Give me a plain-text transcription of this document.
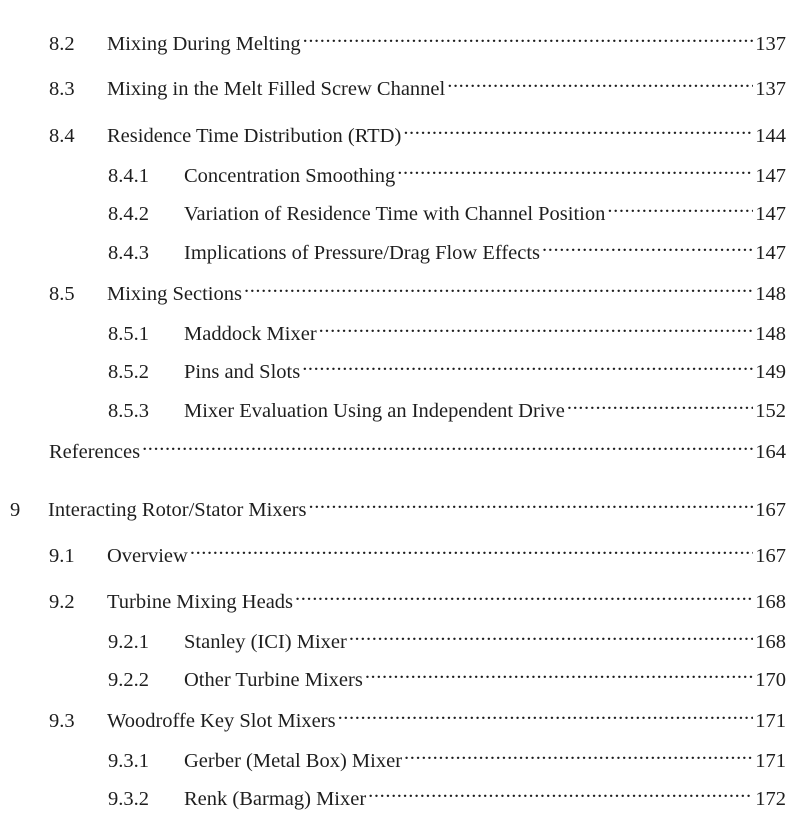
8.2	Mixing During Melting .....	137
8.3	Mixing in the Melt Filled Screw Channel .....	137
8.4	Residence Time Distribution (RTD) .....	144
8.4.1	Concentration Smoothing .....	147
8.4.2	Variation of Residence Time with Channel Position .....	147
8.4.3	Implications of Pressure/Drag Flow Effects .....	147
8.5	Mixing Sections .....	148
8.5.1	Maddock Mixer .....	148
8.5.2	Pins and Slots .....	149
8.5.3	Mixer Evaluation Using an Independent Drive .....	152
References .....	164
9	Interacting Rotor/Stator Mixers .....	167
9.1	Overview .....	167
9.2	Turbine Mixing Heads .....	168
9.2.1	Stanley (ICI) Mixer .....	168
9.2.2	Other Turbine Mixers .....	170
9.3	Woodroffe Key Slot Mixers .....	171
9.3.1	Gerber (Metal Box) Mixer .....	171
9.3.2	Renk (Barmag) Mixer .....	172
